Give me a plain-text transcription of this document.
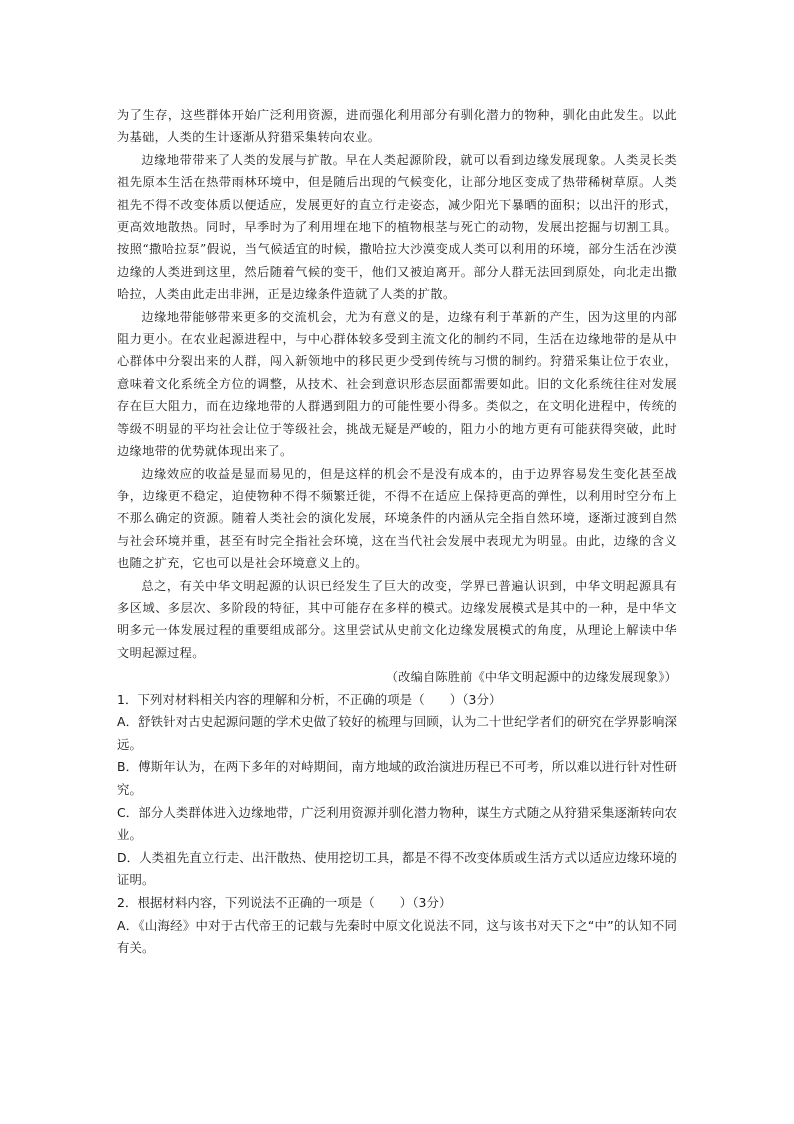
为了生存，这些群体开始广泛利用资源，进而强化利用部分有驯化潜力的物种，驯化由此发生。以此为基础，人类的生计逐渐从狩猎采集转向农业。

边缘地带带来了人类的发展与扩散。早在人类起源阶段，就可以看到边缘发展现象。人类灵长类祖先原本生活在热带雨林环境中，但是随后出现的气候变化，让部分地区变成了热带稀树草原。人类祖先不得不改变体质以便适应，发展更好的直立行走姿态，减少阳光下暴晒的面积；以出汗的形式，更高效地散热。同时，早季时为了利用埋在地下的植物根茎与死亡的动物，发展出挖掘与切割工具。按照“撒哈拉泵”假说，当气候适宜的时候，撒哈拉大沙漠变成人类可以利用的环境，部分生活在沙漠边缘的人类进到这里，然后随着气候的变干，他们又被迫离开。部分人群无法回到原处，向北走出撒哈拉，人类由此走出非洲，正是边缘条件造就了人类的扩散。

边缘地带能够带来更多的交流机会，尤为有意义的是，边缘有利于革新的产生，因为这里的内部阻力更小。在农业起源进程中，与中心群体较多受到主流文化的制约不同，生活在边缘地带的是从中心群体中分裂出来的人群，闯入新领地中的移民更少受到传统与习惯的制约。狩猎采集让位于农业，意味着文化系统全方位的调整，从技术、社会到意识形态层面都需要如此。旧的文化系统往往对发展存在巨大阻力，而在边缘地带的人群遇到阻力的可能性要小得多。类似之，在文明化进程中，传统的等级不明显的平均社会让位于等级社会，挑战无疑是严峻的，阻力小的地方更有可能获得突破，此时边缘地带的优势就体现出来了。

边缘效应的收益是显而易见的，但是这样的机会不是没有成本的，由于边界容易发生变化甚至战争，边缘更不稳定，迫使物种不得不频繁迁徙，不得不在适应上保持更高的弹性，以利用时空分布上不那么确定的资源。随着人类社会的演化发展，环境条件的内涵从完全指自然环境，逐渐过渡到自然与社会环境并重，甚至有时完全指社会环境，这在当代社会发展中表现尤为明显。由此，边缘的含义也随之扩充，它也可以是社会环境意义上的。

总之，有关中华文明起源的认识已经发生了巨大的改变，学界已普遍认识到，中华文明起源具有多区域、多层次、多阶段的特征，其中可能存在多样的模式。边缘发展模式是其中的一种，是中华文明多元一体发展过程的重要组成部分。这里尝试从史前文化边缘发展模式的角度，从理论上解读中华文明起源过程。

（改编自陈胜前《中华文明起源中的边缘发展现象》）

1．下列对材料相关内容的理解和分析，不正确的项是（　　）（3分）

A．舒铁针对古史起源问题的学术史做了较好的梳理与回顾，认为二十世纪学者们的研究在学界影响深远。

B．傅斯年认为，在两下多年的对峙期间，南方地域的政治演进历程已不可考，所以难以进行针对性研究。

C．部分人类群体进入边缘地带，广泛利用资源并驯化潜力物种，谋生方式随之从狩猎采集逐渐转向农业。

D．人类祖先直立行走、出汗散热、使用挖切工具，都是不得不改变体质或生活方式以适应边缘环境的证明。

2．根据材料内容，下列说法不正确的一项是（　　）（3分）

A．《山海经》中对于古代帝王的记载与先秦时中原文化说法不同，这与该书对天下之“中”的认知不同有关。
